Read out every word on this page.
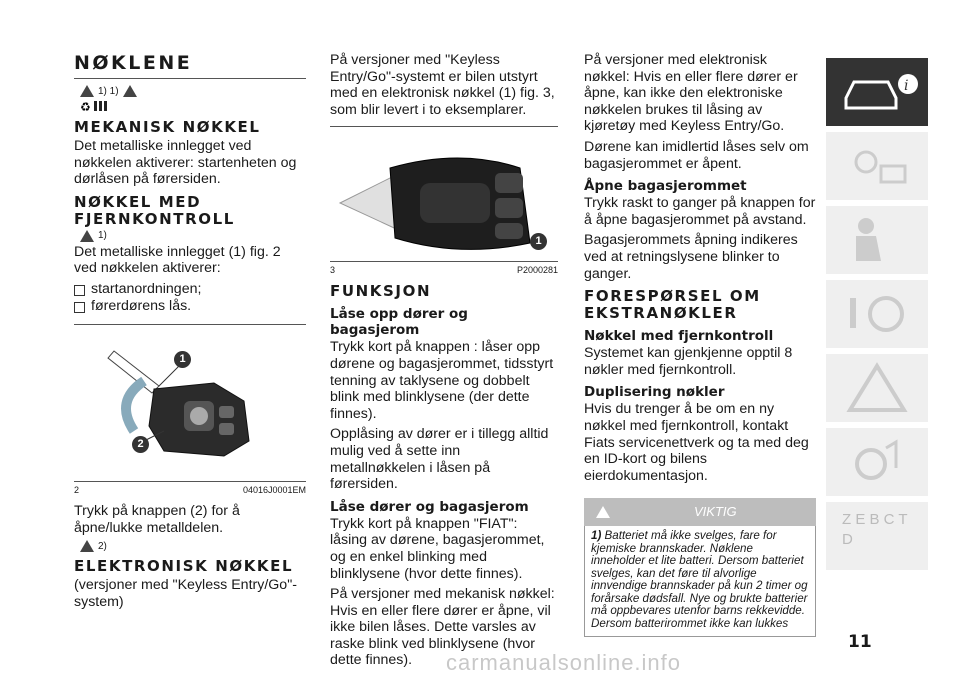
NØKLENE
1) 1)
♻
MEKANISK NØKKEL
Det metalliske innlegget ved nøkkelen aktiverer: startenheten og dørlåsen på førersiden.
NØKKEL MED FJERNKONTROLL
1)
Det metalliske innlegget (1) fig. 2 ved nøkkelen aktiverer:
startanordningen;
førerdørens lås.
1
2
2	04016J0001EM
Trykk på knappen (2) for å åpne/lukke metalldelen.
2)
ELEKTRONISK NØKKEL
(versjoner med "Keyless Entry/Go"-system)
På versjoner med "Keyless Entry/Go"-systemt er bilen utstyrt med en elektronisk nøkkel (1) fig. 3, som blir levert i to eksemplarer.
1
3	P2000281
FUNKSJON
Låse opp dører og bagasjerom
Trykk kort på knappen : låser opp dørene og bagasjerommet, tidsstyrt tenning av taklysene og dobbelt blink med blinklysene (der dette finnes).
Opplåsing av dører er i tillegg alltid mulig ved å sette inn metallnøkkelen i låsen på førersiden.
Låse dører og bagasjerom
Trykk kort på knappen "FIAT": låsing av dørene, bagasjerommet, og en enkel blinking med blinklysene (hvor dette finnes).
På versjoner med mekanisk nøkkel: Hvis en eller flere dører er åpne, vil ikke bilen låses. Dette varsles av raske blink ved blinklysene (hvor dette finnes).
På versjoner med elektronisk nøkkel: Hvis en eller flere dører er åpne, kan ikke den elektroniske nøkkelen brukes til låsing av kjøretøy med Keyless Entry/Go.
Dørene kan imidlertid låses selv om bagasjerommet er åpent.
Åpne bagasjerommet
Trykk raskt to ganger på knappen for å åpne bagasjerommet på avstand.
Bagasjerommets åpning indikeres ved at retningslysene blinker to ganger.
FORESPØRSEL OM EKSTRANØKLER
Nøkkel med fjernkontroll
Systemet kan gjenkjenne opptil 8 nøkler med fjernkontroll.
Duplisering nøkler
Hvis du trenger å be om en ny nøkkel med fjernkontroll, kontakt Fiats servicenettverk og ta med deg en ID-kort og bilens eierdokumentasjon.
VIKTIG
1) Batteriet må ikke svelges, fare for kjemiske brannskader. Nøklene inneholder et lite batteri. Dersom batteriet svelges, kan det føre til alvorlige innvendige brannskader på kun 2 timer og forårsake dødsfall. Nye og brukte batterier må oppbevares utenfor barns rekkevidde. Dersom batterirommet ikke kan lukkes
i
Z E B C T D
11
carmanualsonline.info
